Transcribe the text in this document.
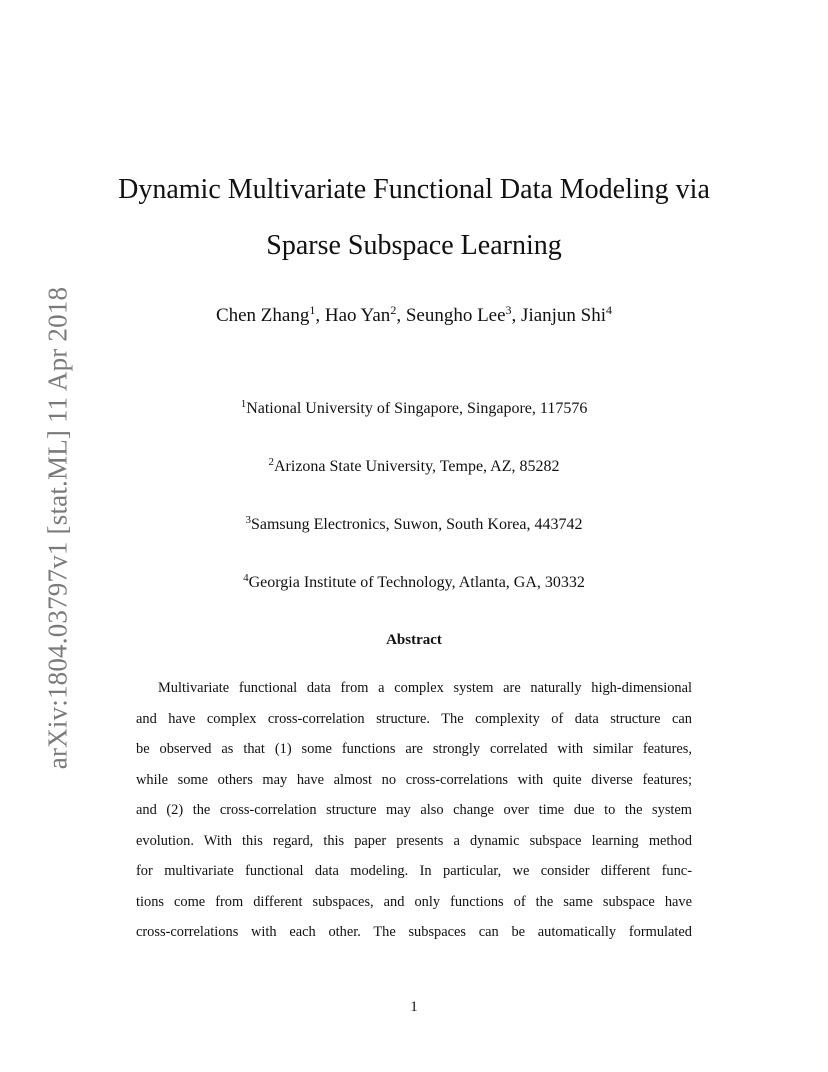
arXiv:1804.03797v1 [stat.ML] 11 Apr 2018
Dynamic Multivariate Functional Data Modeling via
Sparse Subspace Learning
Chen Zhang$^1$, Hao Yan$^2$, Seungho Lee$^3$, Jianjun Shi$^4$
$^1$National University of Singapore, Singapore, 117576
$^2$Arizona State University, Tempe, AZ, 85282
$^3$Samsung Electronics, Suwon, South Korea, 443742
$^4$Georgia Institute of Technology, Atlanta, GA, 30332
Abstract
Multivariate functional data from a complex system are naturally high-dimensional
and have complex cross-correlation structure. The complexity of data structure can
be observed as that (1) some functions are strongly correlated with similar features,
while some others may have almost no cross-correlations with quite diverse features;
and (2) the cross-correlation structure may also change over time due to the system
evolution. With this regard, this paper presents a dynamic subspace learning method
for multivariate functional data modeling. In particular, we consider different func-
tions come from different subspaces, and only functions of the same subspace have
cross-correlations with each other. The subspaces can be automatically formulated
1
